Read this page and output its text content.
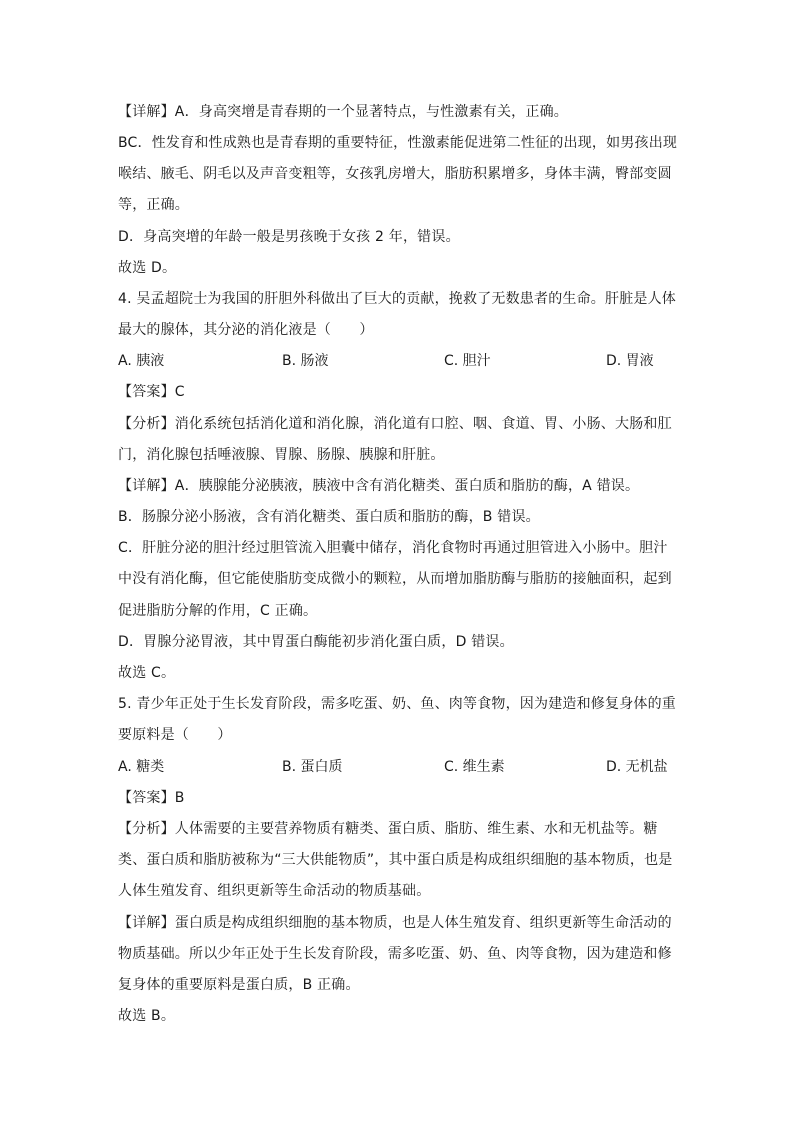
【详解】A．身高突增是青春期的一个显著特点，与性激素有关，正确。
BC．性发育和性成熟也是青春期的重要特征，性激素能促进第二性征的出现，如男孩出现
喉结、腋毛、阴毛以及声音变粗等，女孩乳房增大，脂肪积累增多，身体丰满，臀部变圆
等，正确。
D．身高突增的年龄一般是男孩晚于女孩 2 年，错误。
故选 D。
4. 吴孟超院士为我国的肝胆外科做出了巨大的贡献，挽救了无数患者的生命。肝脏是人体
最大的腺体，其分泌的消化液是（　　）
A. 胰液	B. 肠液	C. 胆汁	D. 胃液
【答案】C
【分析】消化系统包括消化道和消化腺，消化道有口腔、咽、食道、胃、小肠、大肠和肛
门，消化腺包括唾液腺、胃腺、肠腺、胰腺和肝脏。
【详解】A．胰腺能分泌胰液，胰液中含有消化糖类、蛋白质和脂肪的酶，A 错误。
B．肠腺分泌小肠液，含有消化糖类、蛋白质和脂肪的酶，B 错误。
C．肝脏分泌的胆汁经过胆管流入胆囊中储存，消化食物时再通过胆管进入小肠中。胆汁
中没有消化酶，但它能使脂肪变成微小的颗粒，从而增加脂肪酶与脂肪的接触面积，起到
促进脂肪分解的作用，C 正确。
D．胃腺分泌胃液，其中胃蛋白酶能初步消化蛋白质，D 错误。
故选 C。
5. 青少年正处于生长发育阶段，需多吃蛋、奶、鱼、肉等食物，因为建造和修复身体的重
要原料是（　　）
A. 糖类	B. 蛋白质	C. 维生素	D. 无机盐
【答案】B
【分析】人体需要的主要营养物质有糖类、蛋白质、脂肪、维生素、水和无机盐等。糖
类、蛋白质和脂肪被称为“三大供能物质”，其中蛋白质是构成组织细胞的基本物质，也是
人体生殖发育、组织更新等生命活动的物质基础。
【详解】蛋白质是构成组织细胞的基本物质，也是人体生殖发育、组织更新等生命活动的
物质基础。所以少年正处于生长发育阶段，需多吃蛋、奶、鱼、肉等食物，因为建造和修
复身体的重要原料是蛋白质，B 正确。
故选 B。
